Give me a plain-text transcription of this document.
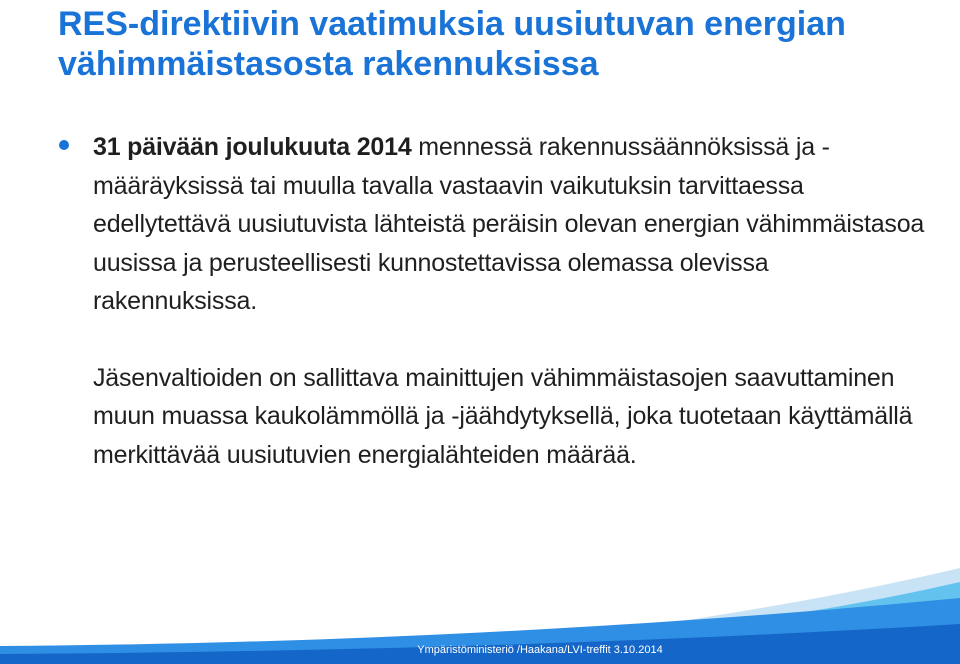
RES-direktiivin vaatimuksia uusiutuvan energian vähimmäistasosta rakennuksissa

31 päivään joulukuuta 2014 mennessä rakennussäännöksissä ja -määräyksissä tai muulla tavalla vastaavin vaikutuksin tarvittaessa edellytettävä uusiutuvista lähteistä peräisin olevan energian vähimmäistasoa uusissa ja perusteellisesti kunnostettavissa olemassa olevissa rakennuksissa.

Jäsenvaltioiden on sallittava mainittujen vähimmäistasojen saavuttaminen muun muassa kaukolämmöllä ja -jäähdytyksellä, joka tuotetaan käyttämällä merkittävää uusiutuvien energialähteiden määrää.

Ympäristöministeriö /Haakana/LVI-treffit 3.10.2014
